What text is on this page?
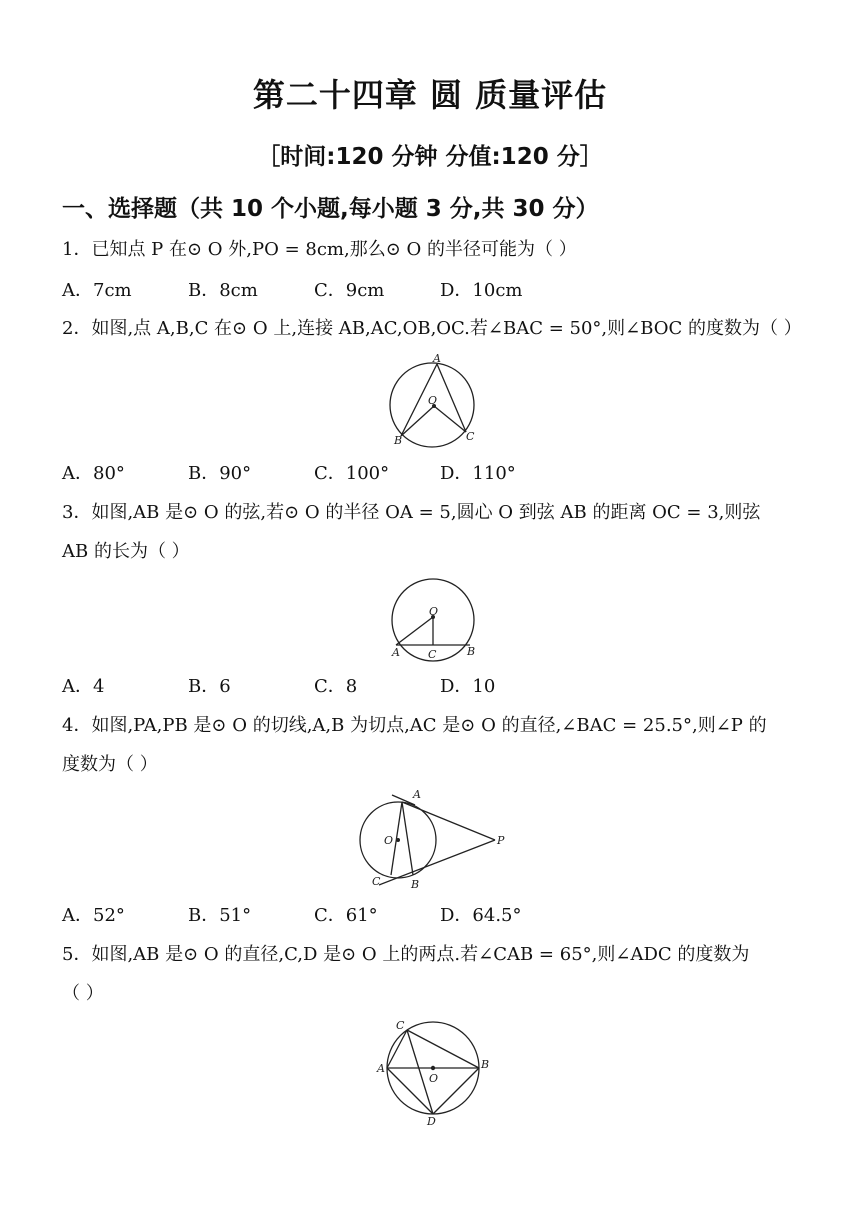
第二十四章 圆 质量评估
［时间:120 分钟 分值:120 分］
一、选择题（共 10 个小题,每小题 3 分,共 30 分）
1．已知点 P 在⊙ O 外,PO = 8cm,那么⊙ O 的半径可能为（ ）
A．7cm	B．8cm	C．9cm	D．10cm
2．如图,点 A,B,C 在⊙ O 上,连接 AB,AC,OB,OC.若∠BAC = 50°,则∠BOC 的度数为（ ）
A
O
B	C
A．80°	B．90°	C．100°	D．110°
3．如图,AB 是⊙ O 的弦,若⊙ O 的半径 OA = 5,圆心 O 到弦 AB 的距离 OC = 3,则弦
AB 的长为（ ）
O
A	C	B
A．4	B．6	C．8	D．10
4．如图,PA,PB 是⊙ O 的切线,A,B 为切点,AC 是⊙ O 的直径,∠BAC = 25.5°,则∠P 的
度数为（ ）
A
O	P
C	B
A．52°	B．51°	C．61°	D．64.5°
5．如图,AB 是⊙ O 的直径,C,D 是⊙ O 上的两点.若∠CAB = 65°,则∠ADC 的度数为
（ ）
C
A
O
B
D
